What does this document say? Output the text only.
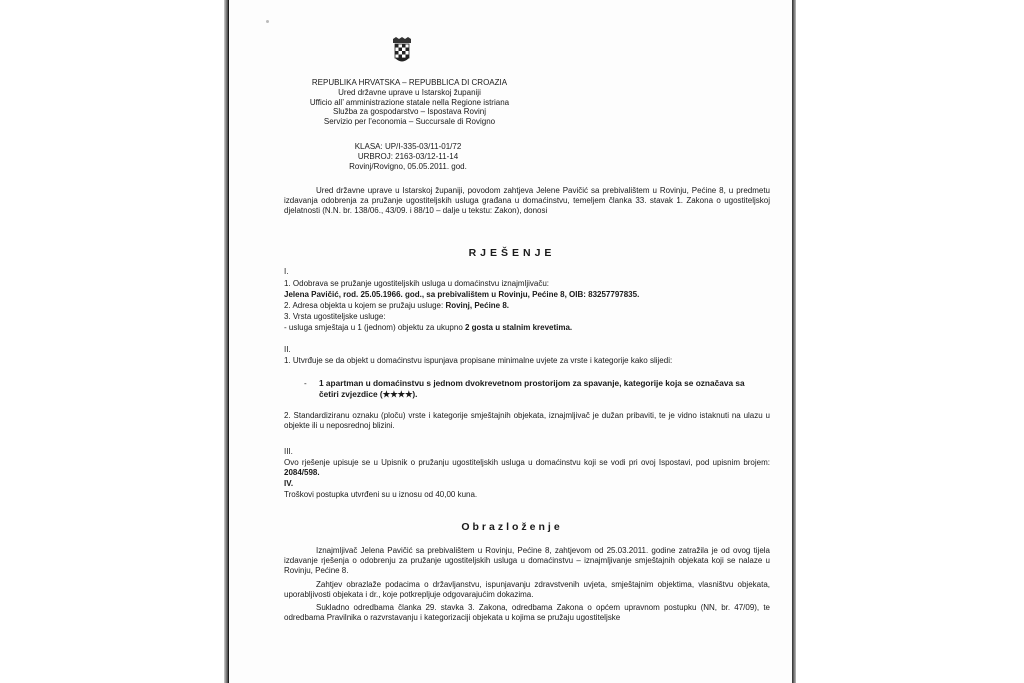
REPUBLIKA HRVATSKA – REPUBBLICA DI CROAZIA
Ured državne uprave u Istarskoj županiji
Ufficio all’ amministrazione statale nella Regione istriana
Služba za gospodarstvo – Ispostava Rovinj
Servizio per l’economia – Succursale di Rovigno
KLASA: UP/I-335-03/11-01/72
URBROJ: 2163-03/12-11-14
Rovinj/Rovigno, 05.05.2011. god.
Ured državne uprave u Istarskoj županiji, povodom zahtjeva Jelene Pavičić sa prebivalištem u Rovinju, Pećine 8, u predmetu izdavanja odobrenja za pružanje ugostiteljskih usluga građana u domaćinstvu, temeljem članka 33. stavak 1. Zakona o ugostiteljskoj djelatnosti (N.N. br. 138/06., 43/09. i 88/10 – dalje u tekstu: Zakon), donosi
RJEŠENJE
I.
1. Odobrava se pružanje ugostiteljskih usluga u domaćinstvu iznajmljivaču:
Jelena Pavičić, rod. 25.05.1966. god., sa prebivalištem u Rovinju, Pećine 8, OIB: 83257797835.
2. Adresa objekta u kojem se pružaju usluge: Rovinj, Pećine 8.
3. Vrsta ugostiteljske usluge:
- usluga smještaja u 1 (jednom) objektu za ukupno 2 gosta u stalnim krevetima.
II.
1. Utvrđuje se da objekt u domaćinstvu ispunjava propisane minimalne uvjete za vrste i kategorije kako slijedi:
- 1 apartman u domaćinstvu s jednom dvokrevetnom prostorijom za spavanje, kategorije koja se označava sa četiri zvjezdice (★★★★).
2. Standardiziranu oznaku (ploču) vrste i kategorije smještajnih objekata, iznajmljivač je dužan pribaviti, te je vidno istaknuti na ulazu u objekte ili u neposrednoj blizini.
III.
Ovo rješenje upisuje se u Upisnik o pružanju ugostiteljskih usluga u domaćinstvu koji se vodi pri ovoj Ispostavi, pod upisnim brojem: 2084/598.
IV.
Troškovi postupka utvrđeni su u iznosu od 40,00 kuna.
Obrazloženje
Iznajmljivač Jelena Pavičić sa prebivalištem u Rovinju, Pećine 8, zahtjevom od 25.03.2011. godine zatražila je od ovog tijela izdavanje rješenja o odobrenju za pružanje ugostiteljskih usluga u domaćinstvu – iznajmljivanje smještajnih objekata koji se nalaze u Rovinju, Pećine 8.
Zahtjev obrazlaže podacima o državljanstvu, ispunjavanju zdravstvenih uvjeta, smještajnim objektima, vlasništvu objekata, uporabljivosti objekata i dr., koje potkrepljuje odgovarajućim dokazima.
Sukladno odredbama članka 29. stavka 3. Zakona, odredbama Zakona o općem upravnom postupku (NN, br. 47/09), te odredbama Pravilnika o razvrstavanju i kategorizaciji objekata u kojima se pružaju ugostiteljske
